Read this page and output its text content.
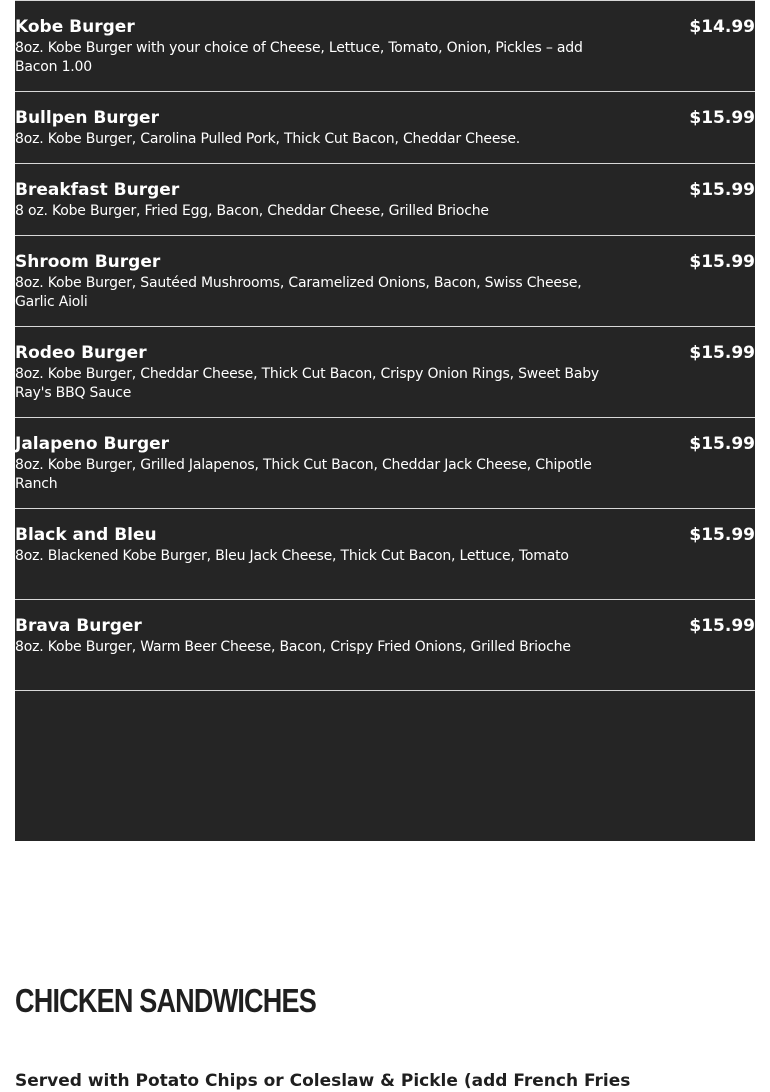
Kobe Burger	$14.99
8oz. Kobe Burger with your choice of Cheese, Lettuce, Tomato, Onion, Pickles – add Bacon 1.00
Bullpen Burger	$15.99
8oz. Kobe Burger, Carolina Pulled Pork, Thick Cut Bacon, Cheddar Cheese.
Breakfast Burger	$15.99
8 oz. Kobe Burger, Fried Egg, Bacon, Cheddar Cheese, Grilled Brioche
Shroom Burger	$15.99
8oz. Kobe Burger, Sautéed Mushrooms, Caramelized Onions, Bacon, Swiss Cheese, Garlic Aioli
Rodeo Burger	$15.99
8oz. Kobe Burger, Cheddar Cheese, Thick Cut Bacon, Crispy Onion Rings, Sweet Baby Ray's BBQ Sauce
Jalapeno Burger	$15.99
8oz. Kobe Burger, Grilled Jalapenos, Thick Cut Bacon, Cheddar Jack Cheese, Chipotle Ranch
Black and Bleu	$15.99
8oz. Blackened Kobe Burger, Bleu Jack Cheese, Thick Cut Bacon, Lettuce, Tomato
Brava Burger	$15.99
8oz. Kobe Burger, Warm Beer Cheese, Bacon, Crispy Fried Onions, Grilled Brioche
CHICKEN SANDWICHES

Served with Potato Chips or Coleslaw & Pickle (add French Fries
